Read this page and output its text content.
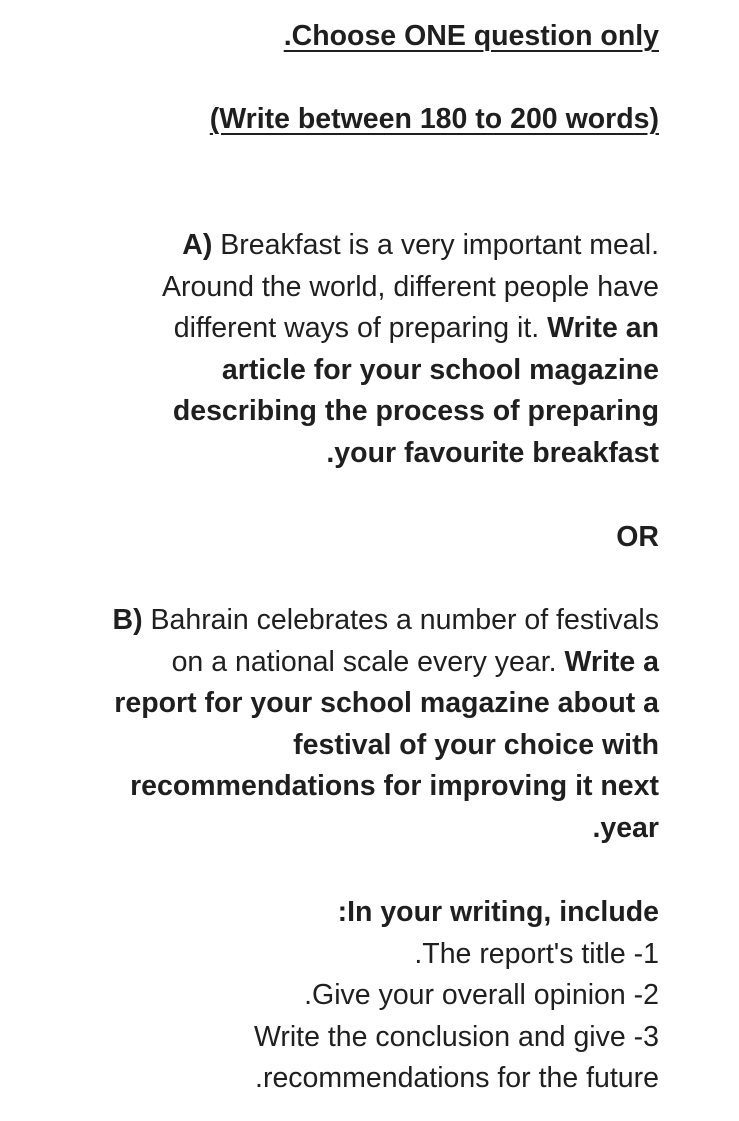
.Choose ONE question only

(Write between 180 to 200 words)

A) Breakfast is a very important meal.
Around the world, different people have
different ways of preparing it. Write an
article for your school magazine
describing the process of preparing
.your favourite breakfast
OR
B) Bahrain celebrates a number of festivals
on a national scale every year. Write a
report for your school magazine about a
festival of your choice with
recommendations for improving it next
.year
:In your writing, include
.The report's title -1
.Give your overall opinion -2
Write the conclusion and give -3
.recommendations for the future
